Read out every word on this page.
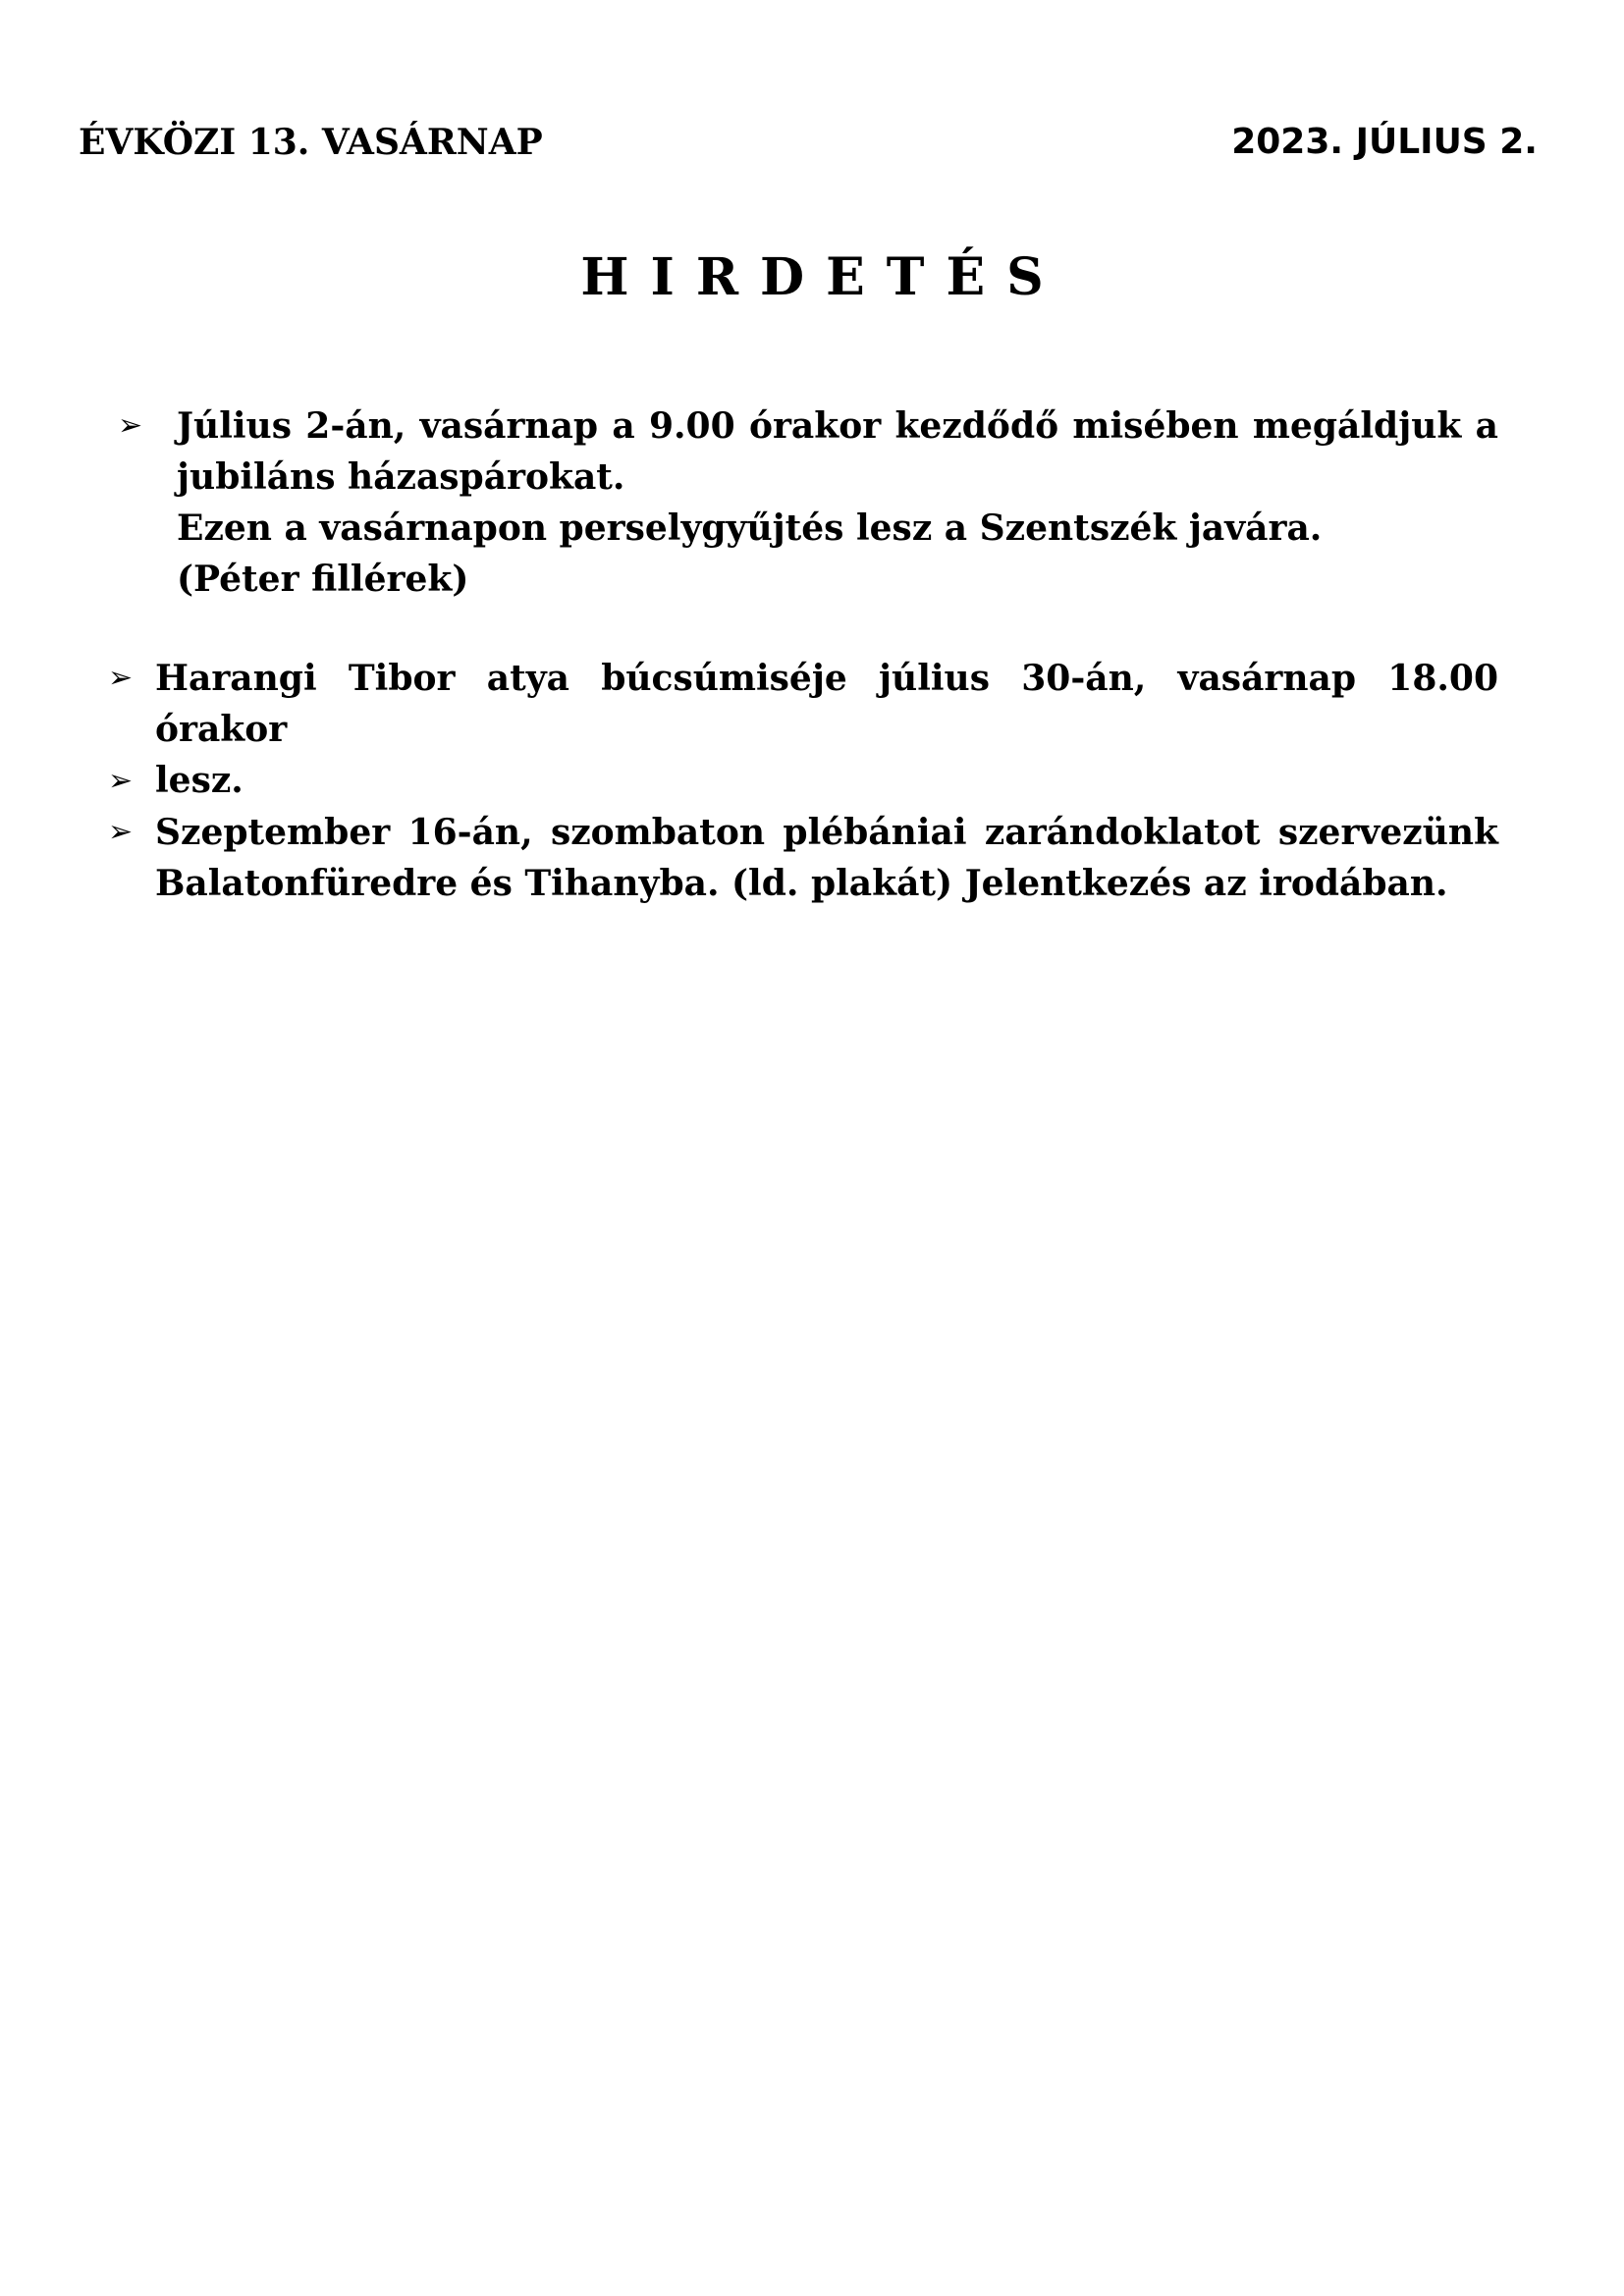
ÉVKÖZI 13. VASÁRNAP	2023. JÚLIUS 2.
HIRDETÉS
➢ Július 2-án, vasárnap a 9.00 órakor kezdődő misében megáldjuk a
jubiláns házaspárokat.
Ezen a vasárnapon perselygyűjtés lesz a Szentszék javára.
(Péter fillérek)
➢ Harangi Tibor atya búcsúmiséje július 30-án, vasárnap 18.00 órakor
lesz.
➢
➢ Szeptember 16-án, szombaton plébániai zarándoklatot szervezünk
Balatonfüredre és Tihanyba. (ld. plakát) Jelentkezés az irodában.
